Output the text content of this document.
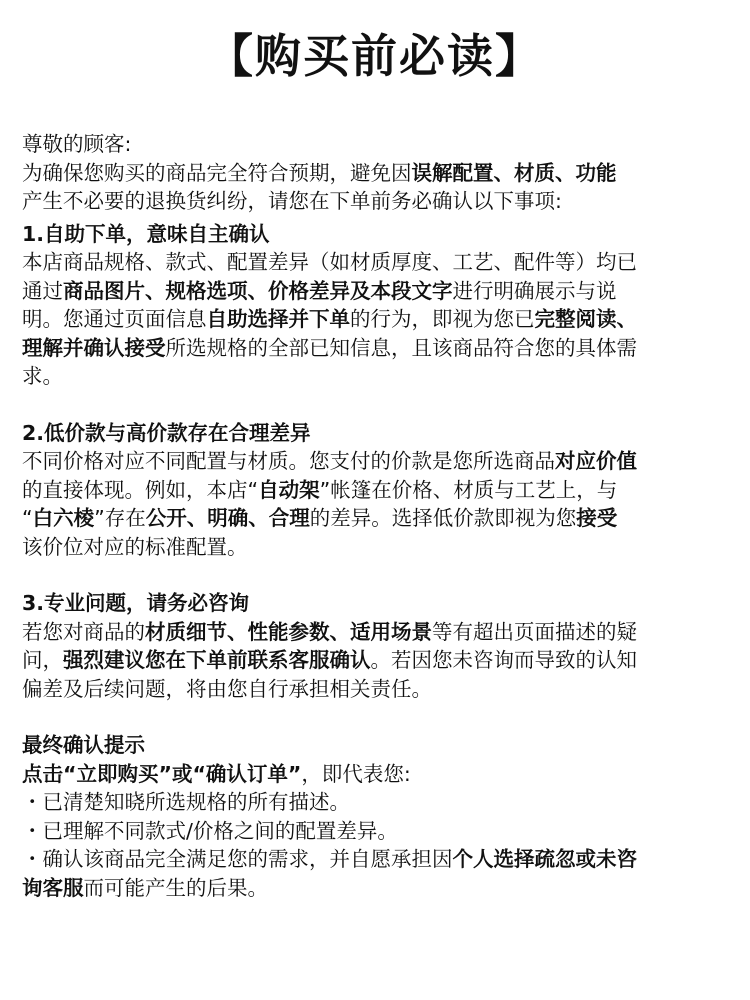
【购买前必读】
尊敬的顾客:
为确保您购买的商品完全符合预期，避免因误解配置、材质、功能
产生不必要的退换货纠纷，请您在下单前务必确认以下事项:
1.自助下单，意味自主确认
本店商品规格、款式、配置差异（如材质厚度、工艺、配件等）均已
通过商品图片、规格选项、价格差异及本段文字进行明确展示与说
明。您通过页面信息自助选择并下单的行为，即视为您已完整阅读、
理解并确认接受所选规格的全部已知信息，且该商品符合您的具体需
求。
2.低价款与高价款存在合理差异
不同价格对应不同配置与材质。您支付的价款是您所选商品对应价值
的直接体现。例如，本店“自动架”帐篷在价格、材质与工艺上，与
“白六棱”存在公开、明确、合理的差异。选择低价款即视为您接受
该价位对应的标准配置。
3.专业问题，请务必咨询
若您对商品的材质细节、性能参数、适用场景等有超出页面描述的疑
问，强烈建议您在下单前联系客服确认。若因您未咨询而导致的认知
偏差及后续问题，将由您自行承担相关责任。
最终确认提示
点击“立即购买”或“确认订单”，即代表您:
・已清楚知晓所选规格的所有描述。
・已理解不同款式/价格之间的配置差异。
・确认该商品完全满足您的需求，并自愿承担因个人选择疏忽或未咨
询客服而可能产生的后果。
